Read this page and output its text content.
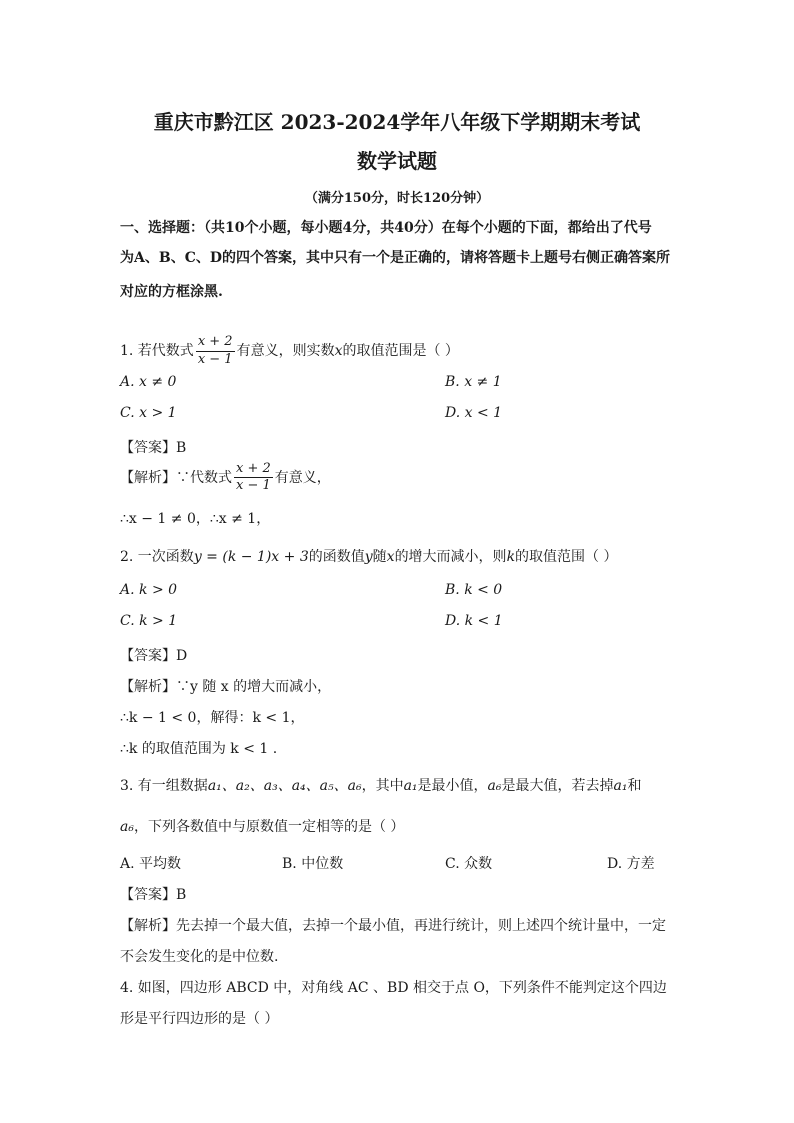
重庆市黔江区 2023-2024学年八年级下学期期末考试
数学试题
（满分150分，时长120分钟）
一、选择题：（共10个小题，每小题4分，共40分）在每个小题的下面，都给出了代号
为A、B、C、D的四个答案，其中只有一个是正确的，请将答题卡上题号右侧正确答案所
对应的方框涂黑.
1. 若代数式 $\frac{x + 2}{x - 1}$ 有意义，则实数x的取值范围是（ ）
A. x ≠ 0	B. x ≠ 1
C. x > 1	D. x < 1
【答案】B
【解析】∵代数式 $\frac{x + 2}{x - 1}$ 有意义，
∴x − 1 ≠ 0，∴x ≠ 1，
2. 一次函数y = (k − 1)x + 3的函数值y随x的增大而减小，则k的取值范围（ ）
A. k > 0	B. k < 0
C. k > 1	D. k < 1
【答案】D
【解析】∵y 随 x 的增大而减小，
∴k − 1 < 0，解得：k < 1，
∴k 的取值范围为 k < 1 .
3. 有一组数据a₁、a₂、a₃、a₄、a₅、a₆，其中a₁是最小值，a₆是最大值，若去掉a₁和
a₆，下列各数值中与原数值一定相等的是（ ）
A. 平均数	B. 中位数	C. 众数	D. 方差
【答案】B
【解析】先去掉一个最大值，去掉一个最小值，再进行统计，则上述四个统计量中，一定
不会发生变化的是中位数.
4. 如图，四边形 ABCD 中，对角线 AC 、BD 相交于点 O，下列条件不能判定这个四边
形是平行四边形的是（ ）
